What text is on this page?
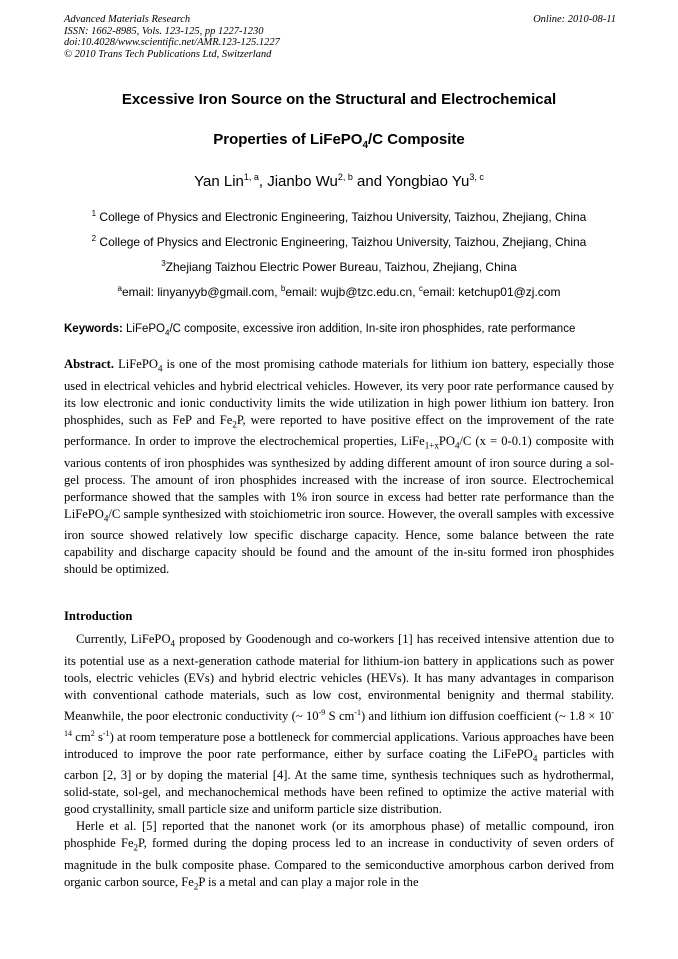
Advanced Materials Research
ISSN: 1662-8985, Vols. 123-125, pp 1227-1230
doi:10.4028/www.scientific.net/AMR.123-125.1227
© 2010 Trans Tech Publications Ltd, Switzerland
Online: 2010-08-11
Excessive Iron Source on the Structural and Electrochemical
Properties of LiFePO$_4$/C Composite
Yan Lin$^{1, a}$, Jianbo Wu$^{2, b}$ and Yongbiao Yu$^{3, c}$
$^1$ College of Physics and Electronic Engineering, Taizhou University, Taizhou, Zhejiang, China
$^2$ College of Physics and Electronic Engineering, Taizhou University, Taizhou, Zhejiang, China
$^3$Zhejiang Taizhou Electric Power Bureau, Taizhou, Zhejiang, China
$^a$email: linyanyyb@gmail.com, $^b$email: wujb@tzc.edu.cn, $^c$email: ketchup01@zj.com
Keywords: LiFePO$_4$/C composite, excessive iron addition, In-site iron phosphides, rate performance
Abstract. LiFePO$_4$ is one of the most promising cathode materials for lithium ion battery, especially those used in electrical vehicles and hybrid electrical vehicles. However, its very poor rate performance caused by its low electronic and ionic conductivity limits the wide utilization in high power lithium ion battery. Iron phosphides, such as FeP and $Fe_2P$, were reported to have positive effect on the improvement of the rate performance. In order to improve the electrochemical properties, $LiFe_{1+x}PO_4/C$ (x = 0-0.1) composite with various contents of iron phosphides was synthesized by adding different amount of iron source during a sol-gel process. The amount of iron phosphides increased with the increase of iron source. Electrochemical performance showed that the samples with 1% iron source in excess had better rate performance than the LiFePO$_4$/C sample synthesized with stoichiometric iron source. However, the overall samples with excessive iron source showed relatively low specific discharge capacity. Hence, some balance between the rate capability and discharge capacity should be found and the amount of the in-situ formed iron phosphides should be optimized.
Introduction
Currently, LiFePO$_4$ proposed by Goodenough and co-workers [1] has received intensive attention due to its potential use as a next-generation cathode material for lithium-ion battery in applications such as power tools, electric vehicles (EVs) and hybrid electric vehicles (HEVs). It has many advantages in comparison with conventional cathode materials, such as low cost, environmental benignity and thermal stability. Meanwhile, the poor electronic conductivity (~ $10^{-9}$ S $cm^{-1}$) and lithium ion diffusion coefficient (~ $1.8 \times 10^{-14}$ $cm^2$ $s^{-1}$) at room temperature pose a bottleneck for commercial applications. Various approaches have been introduced to improve the poor rate performance, either by surface coating the LiFePO$_4$ particles with carbon [2, 3] or by doping the material [4]. At the same time, synthesis techniques such as hydrothermal, solid-state, sol-gel, and mechanochemical methods have been refined to optimize the active material with good crystallinity, small particle size and uniform particle size distribution.
Herle et al. [5] reported that the nanonet work (or its amorphous phase) of metallic compound, iron phosphide $Fe_2P$, formed during the doping process led to an increase in conductivity of seven orders of magnitude in the bulk composite phase. Compared to the semiconductive amorphous carbon derived from organic carbon source, $Fe_2P$ is a metal and can play a major role in the
